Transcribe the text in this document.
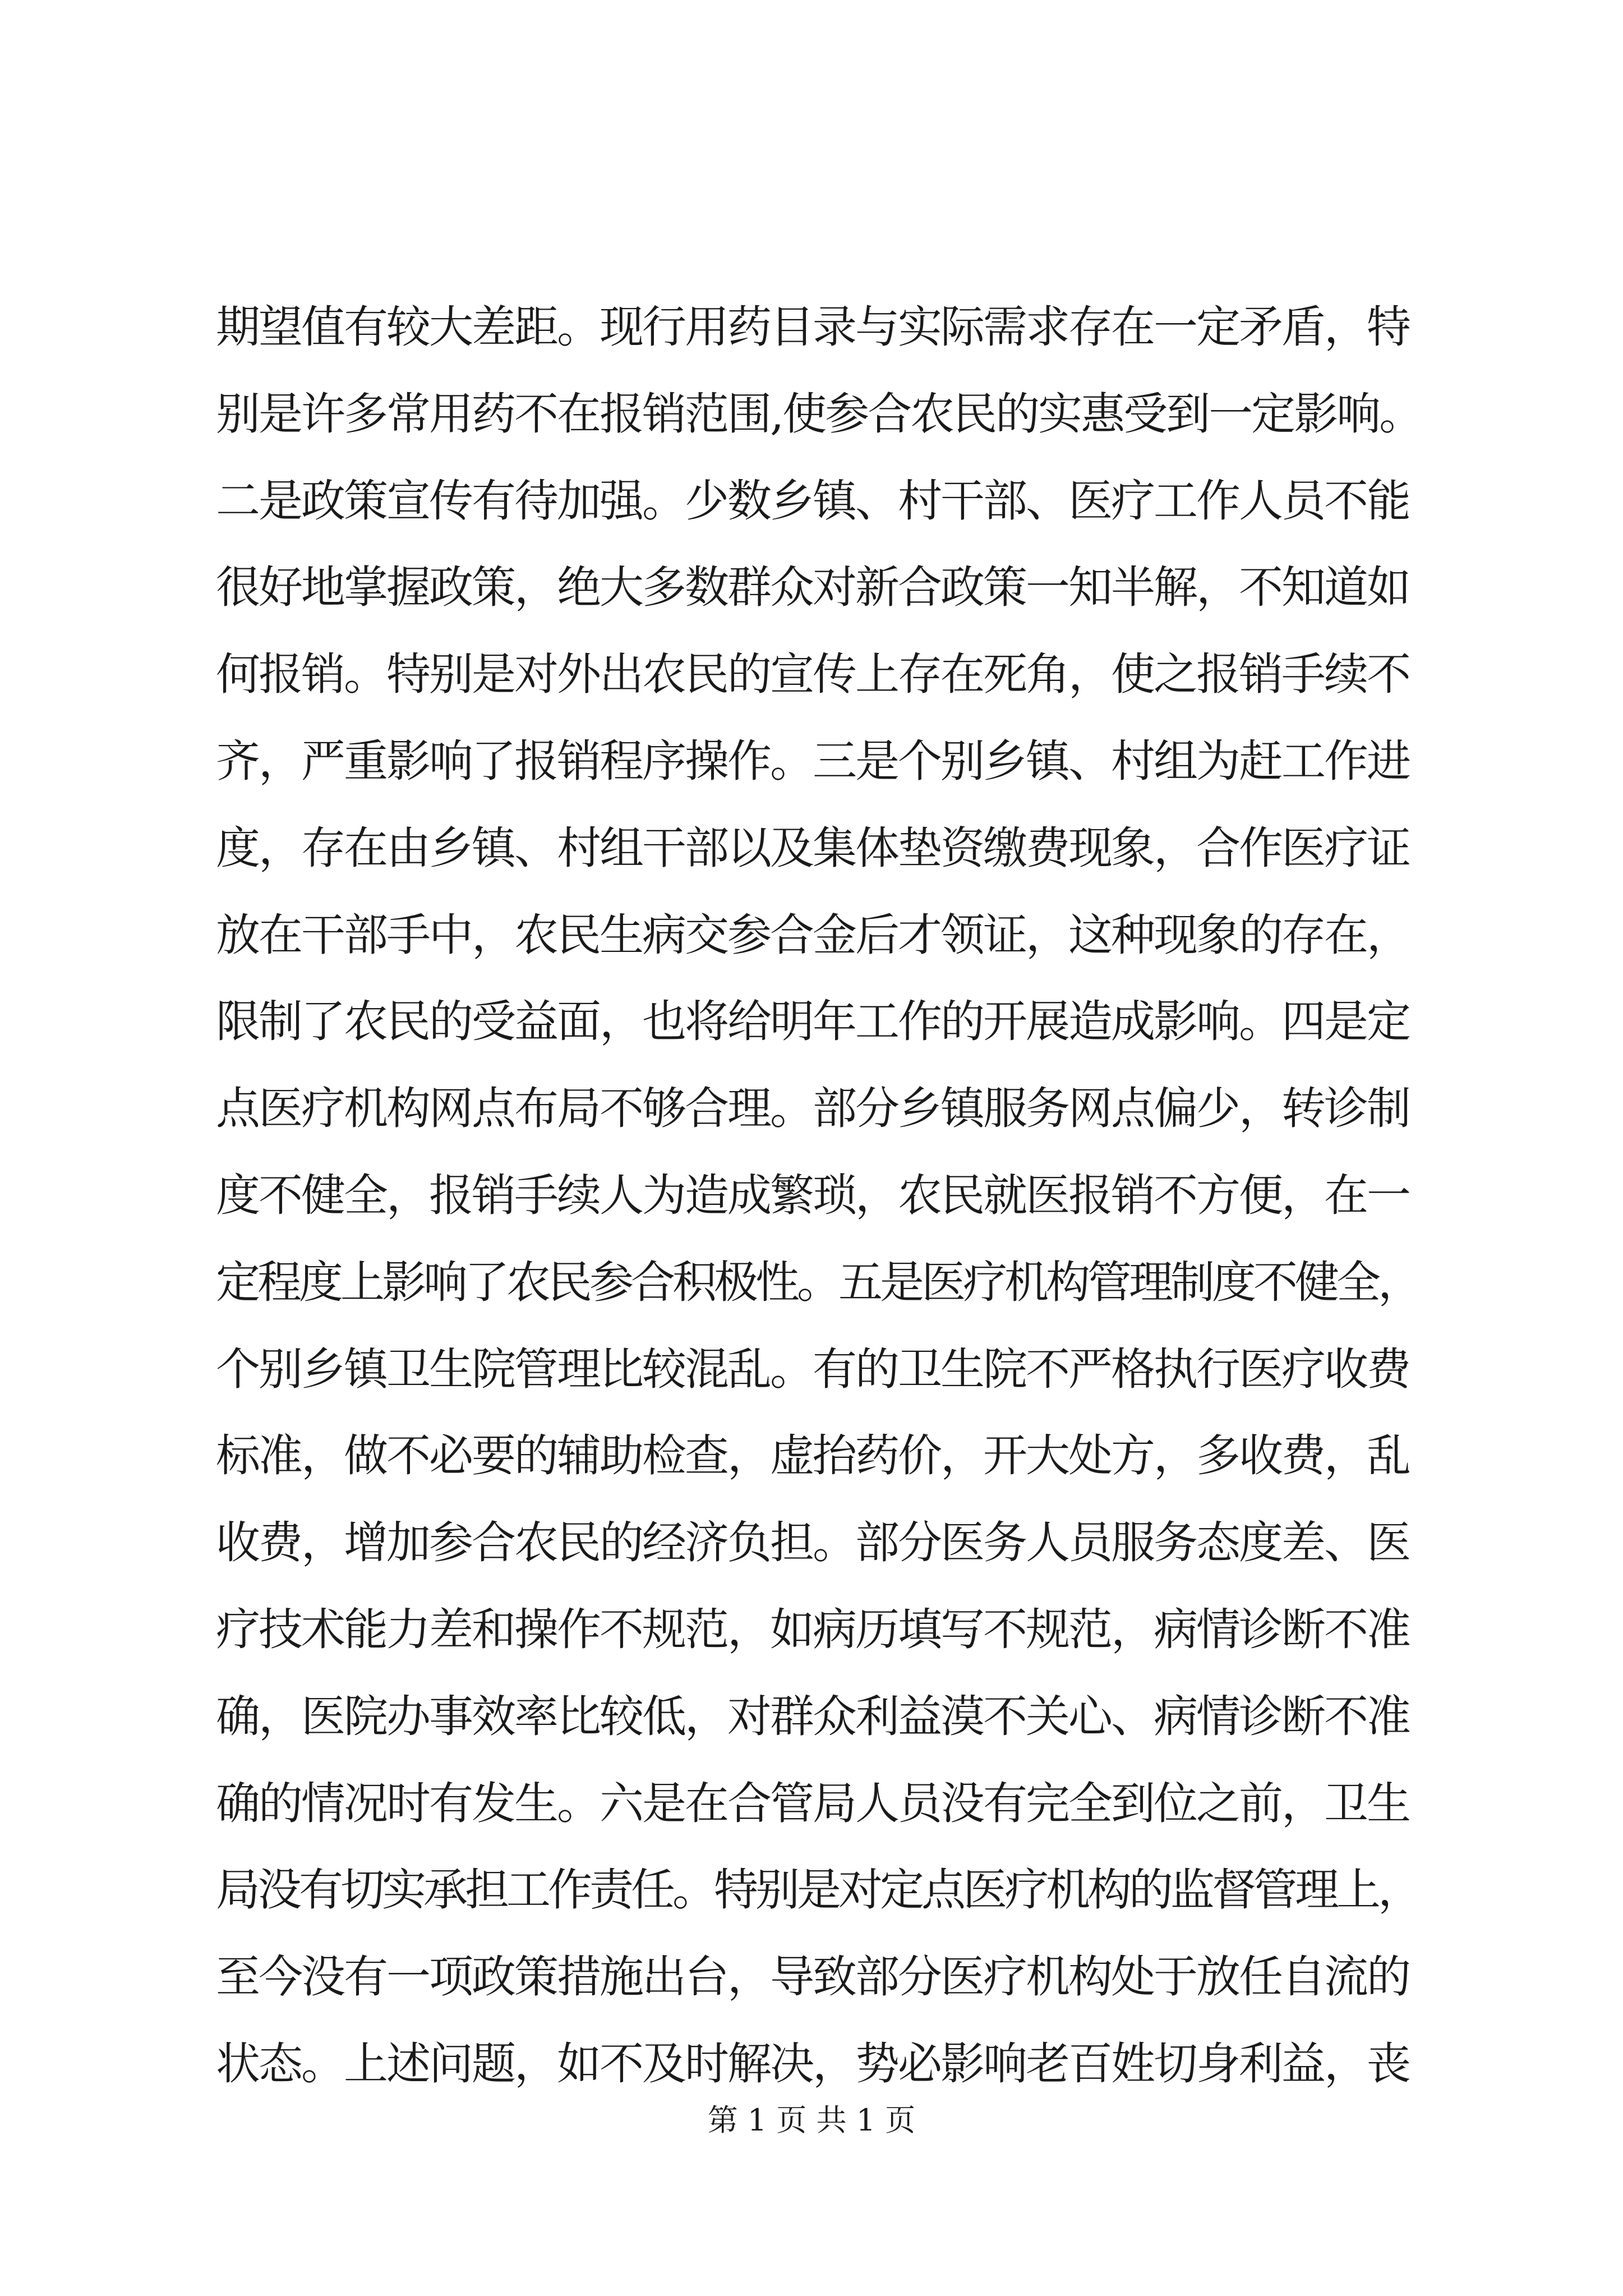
期望值有较大差距。现行用药目录与实际需求存在一定矛盾，特
别是许多常用药不在报销范围,使参合农民的实惠受到一定影响。
二是政策宣传有待加强。少数乡镇、村干部、医疗工作人员不能
很好地掌握政策，绝大多数群众对新合政策一知半解，不知道如
何报销。特别是对外出农民的宣传上存在死角，使之报销手续不
齐，严重影响了报销程序操作。三是个别乡镇、村组为赶工作进
度，存在由乡镇、村组干部以及集体垫资缴费现象，合作医疗证
放在干部手中，农民生病交参合金后才领证，这种现象的存在，
限制了农民的受益面，也将给明年工作的开展造成影响。四是定
点医疗机构网点布局不够合理。部分乡镇服务网点偏少，转诊制
度不健全，报销手续人为造成繁琐，农民就医报销不方便，在一
定程度上影响了农民参合积极性。五是医疗机构管理制度不健全，
个别乡镇卫生院管理比较混乱。有的卫生院不严格执行医疗收费
标准，做不必要的辅助检查，虚抬药价，开大处方，多收费，乱
收费，增加参合农民的经济负担。部分医务人员服务态度差、医
疗技术能力差和操作不规范，如病历填写不规范，病情诊断不准
确，医院办事效率比较低，对群众利益漠不关心、病情诊断不准
确的情况时有发生。六是在合管局人员没有完全到位之前，卫生
局没有切实承担工作责任。特别是对定点医疗机构的监督管理上，
至今没有一项政策措施出台，导致部分医疗机构处于放任自流的
状态。上述问题，如不及时解决，势必影响老百姓切身利益，丧
第 1 页 共 1 页
